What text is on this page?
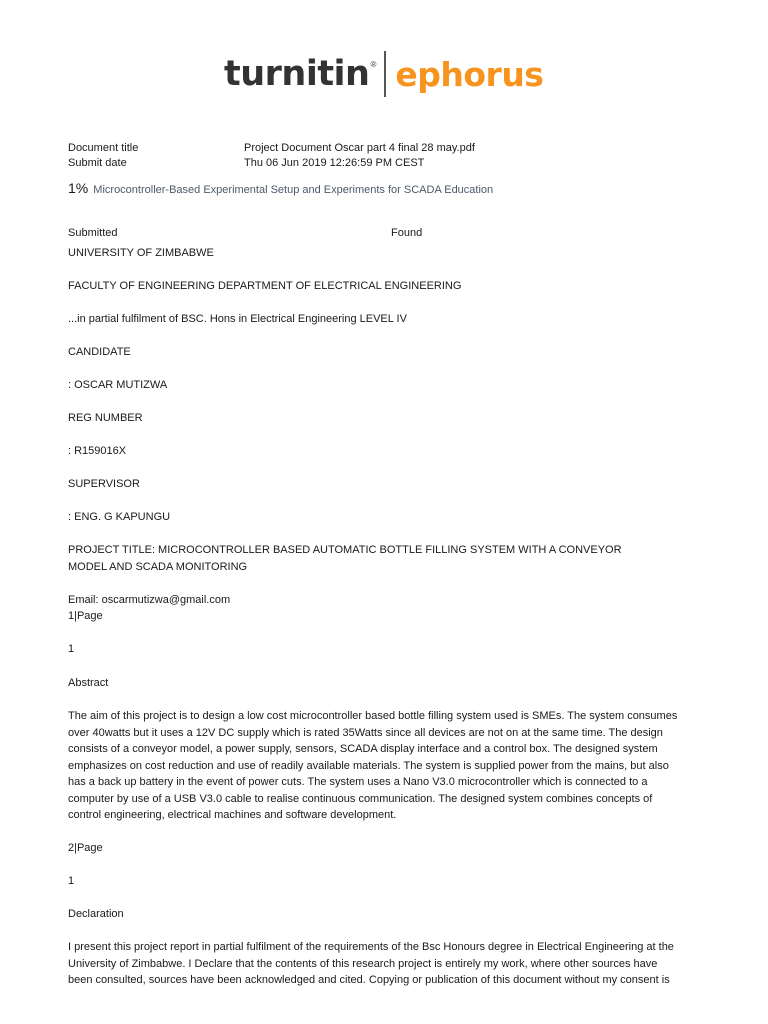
turnitin ® ephorus
Document title	Project Document Oscar part 4 final 28 may.pdf
Submit date	Thu 06 Jun 2019 12:26:59 PM CEST
1% Microcontroller-Based Experimental Setup and Experiments for SCADA Education
Submitted	Found
UNIVERSITY OF ZIMBABWE
FACULTY OF ENGINEERING DEPARTMENT OF ELECTRICAL ENGINEERING
...in partial fulfilment of BSC. Hons in Electrical Engineering LEVEL IV
CANDIDATE
: OSCAR MUTIZWA
REG NUMBER
: R159016X
SUPERVISOR
: ENG. G KAPUNGU
PROJECT TITLE: MICROCONTROLLER BASED AUTOMATIC BOTTLE FILLING SYSTEM WITH A CONVEYOR
MODEL AND SCADA MONITORING
Email: oscarmutizwa@gmail.com
1|Page
1
Abstract
The aim of this project is to design a low cost microcontroller based bottle filling system used is SMEs. The system consumes
over 40watts but it uses a 12V DC supply which is rated 35Watts since all devices are not on at the same time. The design
consists of a conveyor model, a power supply, sensors, SCADA display interface and a control box. The designed system
emphasizes on cost reduction and use of readily available materials. The system is supplied power from the mains, but also
has a back up battery in the event of power cuts. The system uses a Nano V3.0 microcontroller which is connected to a
computer by use of a USB V3.0 cable to realise continuous communication. The designed system combines concepts of
control engineering, electrical machines and software development.
2|Page
1
Declaration
I present this project report in partial fulfilment of the requirements of the Bsc Honours degree in Electrical Engineering at the
University of Zimbabwe. I Declare that the contents of this research project is entirely my work, where other sources have
been consulted, sources have been acknowledged and cited. Copying or publication of this document without my consent is
